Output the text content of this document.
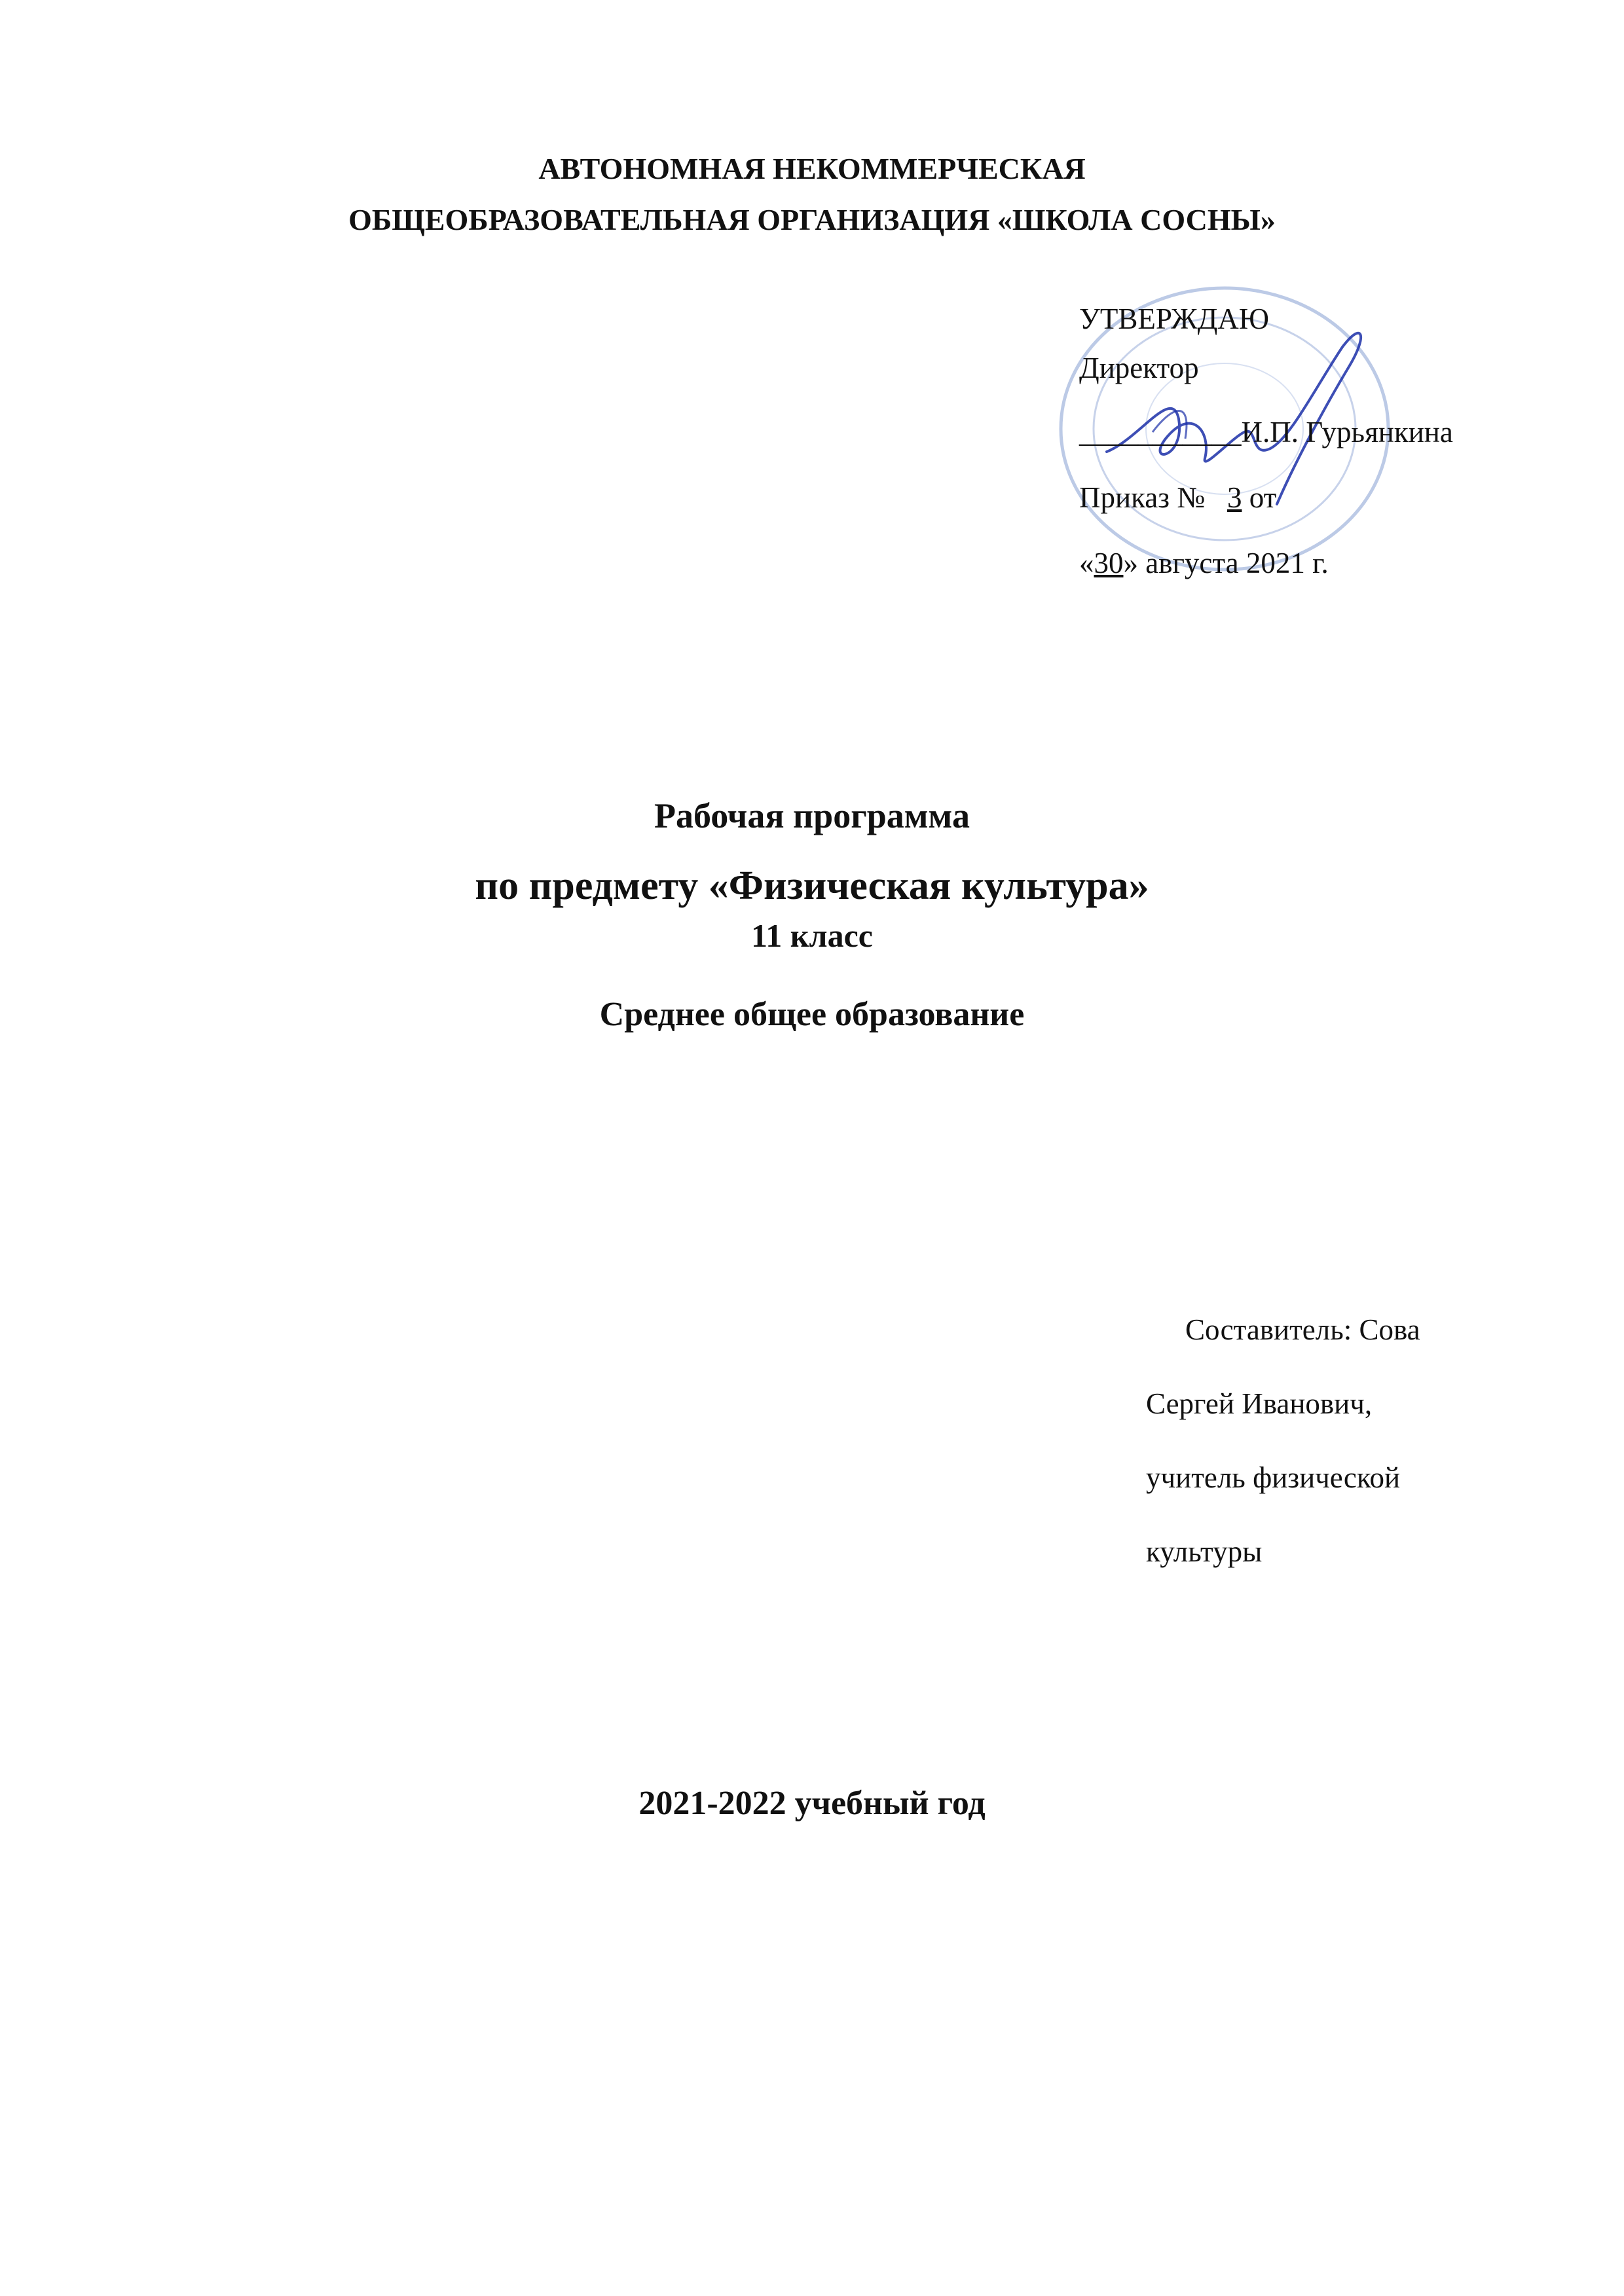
АВТОНОМНАЯ НЕКОММЕРЧЕСКАЯ
ОБЩЕОБРАЗОВАТЕЛЬНАЯ ОРГАНИЗАЦИЯ «ШКОЛА СОСНЫ»
УТВЕРЖДАЮ
Директор
___________И.П. Гурьянкина
Приказ № 3 от
«30» августа 2021 г.
Рабочая программа
по предмету «Физическая культура»
11 класс
Среднее общее образование
Составитель: Сова
Сергей Иванович,
учитель физической
культуры
2021-2022 учебный год
